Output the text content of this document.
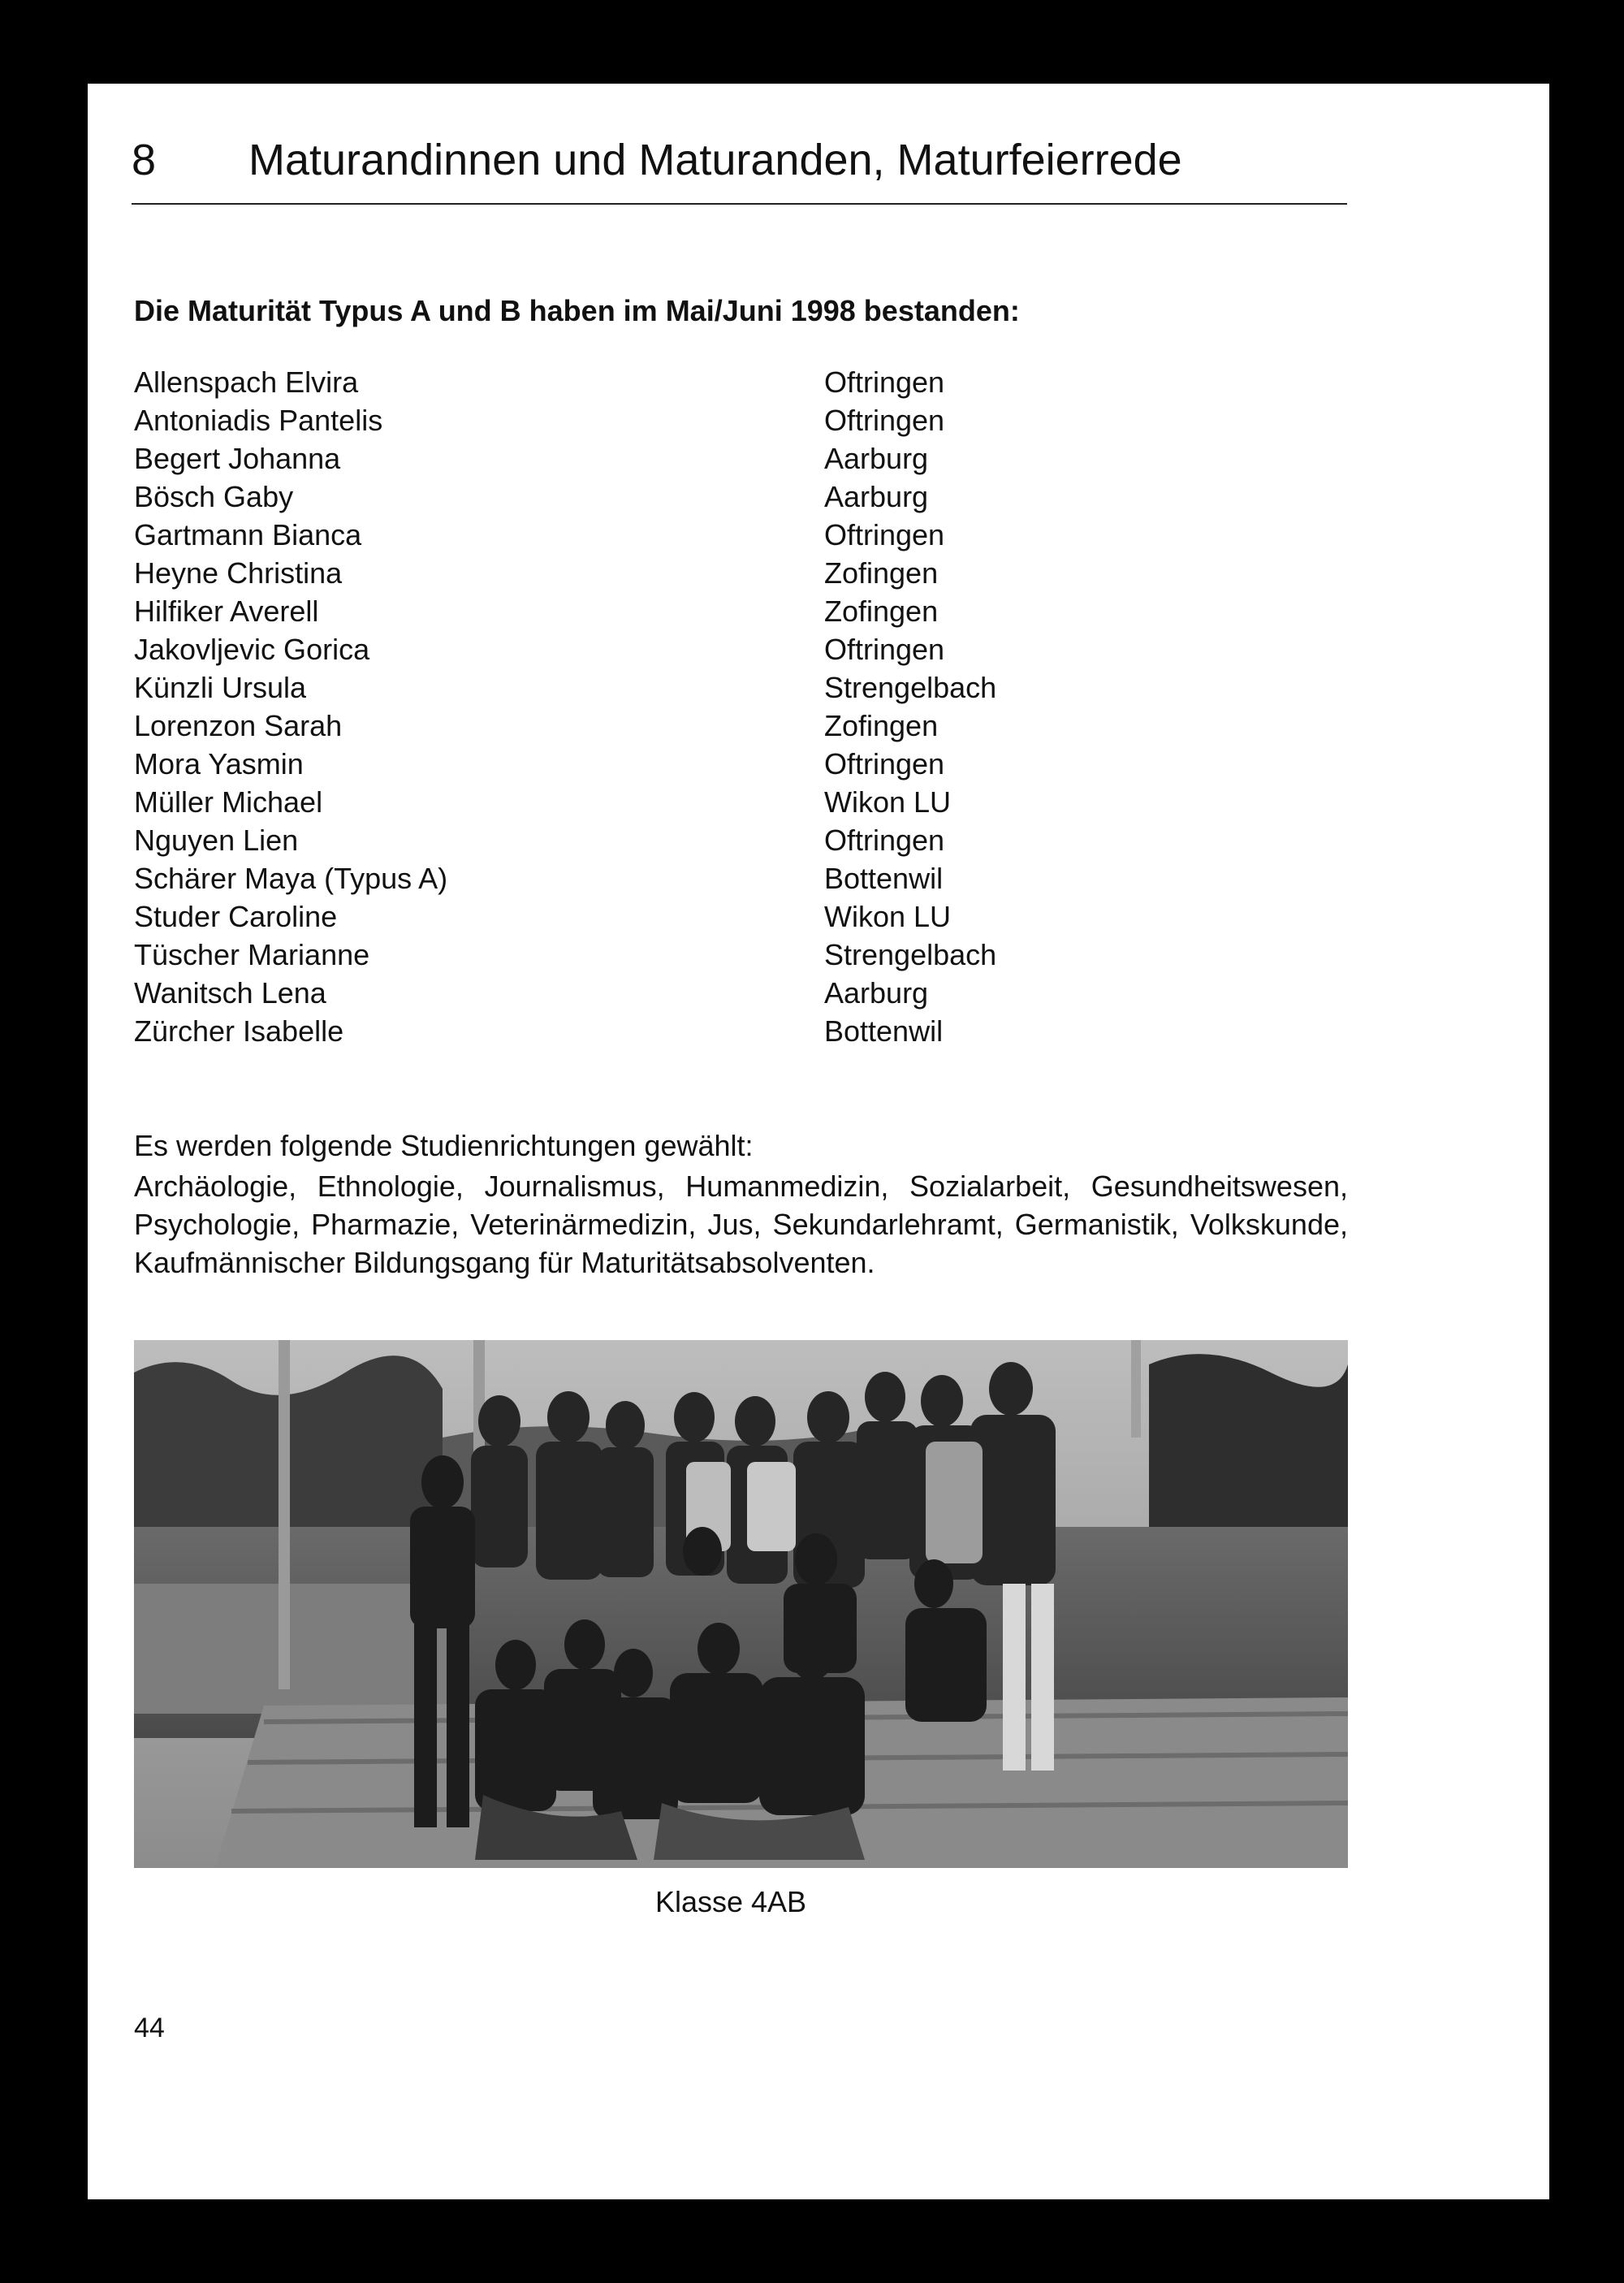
8 Maturandinnen und Maturanden, Maturfeierrede
Die Maturität Typus A und B haben im Mai/Juni 1998 bestanden:
Allenspach Elvira	Oftringen
Antoniadis Pantelis	Oftringen
Begert Johanna	Aarburg
Bösch Gaby	Aarburg
Gartmann Bianca	Oftringen
Heyne Christina	Zofingen
Hilfiker Averell	Zofingen
Jakovljevic Gorica	Oftringen
Künzli Ursula	Strengelbach
Lorenzon Sarah	Zofingen
Mora Yasmin	Oftringen
Müller Michael	Wikon LU
Nguyen Lien	Oftringen
Schärer Maya (Typus A)	Bottenwil
Studer Caroline	Wikon LU
Tüscher Marianne	Strengelbach
Wanitsch Lena	Aarburg
Zürcher Isabelle	Bottenwil
Es werden folgende Studienrichtungen gewählt:
Archäologie, Ethnologie, Journalismus, Humanmedizin, Sozialarbeit, Gesundheitswesen, Psychologie, Pharmazie, Veterinärmedizin, Jus, Sekundarlehramt, Germanistik, Volkskunde, Kaufmännischer Bildungsgang für Maturitätsabsolventen.
Klasse 4AB
44
